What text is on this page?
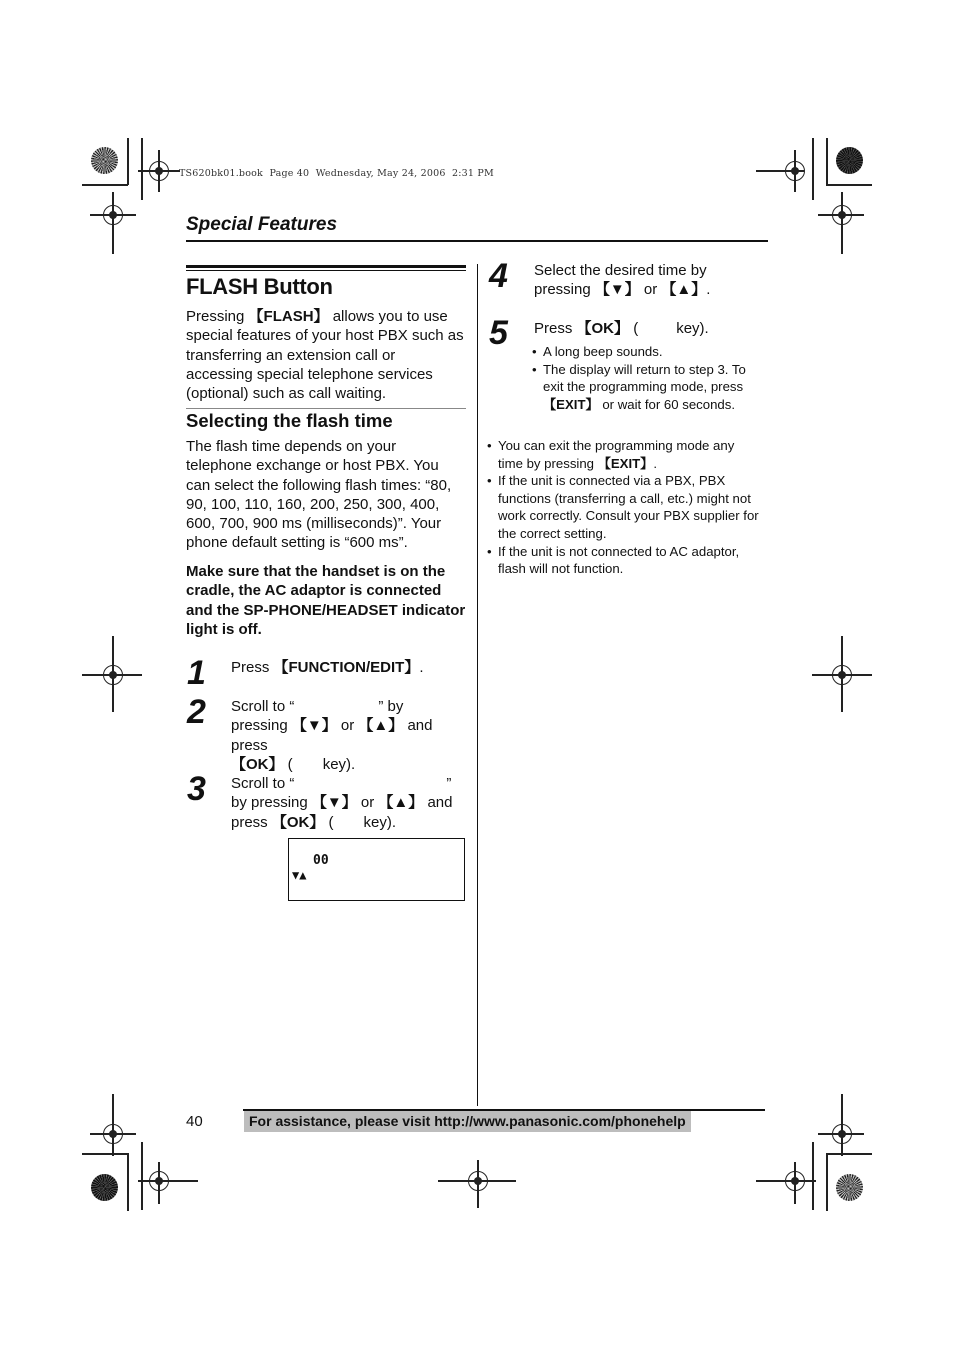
TS620bk01.book  Page 40  Wednesday, May 24, 2006  2:31 PM
Special Features
FLASH Button
Pressing 【FLASH】 allows you to use special features of your host PBX such as transferring an extension call or accessing special telephone services (optional) such as call waiting.
Selecting the flash time
The flash time depends on your telephone exchange or host PBX. You can select the following flash times: “80, 90, 100, 110, 160, 200, 250, 300, 400, 600, 700, 900 ms (milliseconds)”. Your phone default setting is “600 ms”.
Make sure that the handset is on the cradle, the AC adaptor is connected and the SP-PHONE/HEADSET indicator light is off.
1 Press 【FUNCTION/EDIT】.
2 Scroll to “	” by
pressing 【▼】 or 【▲】 and press
【OK】 ( key).
3 Scroll to “	”
by pressing 【▼】 or 【▲】 and
press 【OK】 ( key).
00
▼▲
4 Select the desired time by
pressing 【▼】 or 【▲】.
5 Press 【OK】 (	key).
• A long beep sounds.
• The display will return to step 3. To
exit the programming mode, press
【EXIT】 or wait for 60 seconds.
• You can exit the programming mode any
time by pressing 【EXIT】.
• If the unit is connected via a PBX, PBX functions (transferring a call, etc.) might not work correctly. Consult your PBX supplier for the correct setting.
• If the unit is not connected to AC adaptor, flash will not function.
40	For assistance, please visit http://www.panasonic.com/phonehelp
